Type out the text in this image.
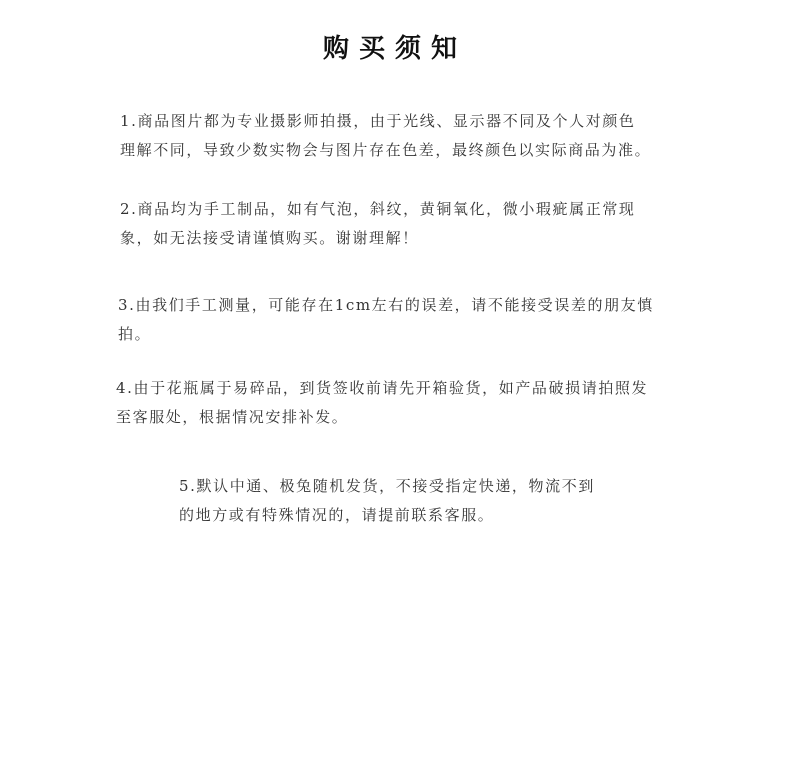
购买须知
1.商品图片都为专业摄影师拍摄，由于光线、显示器不同及个人对颜色
理解不同，导致少数实物会与图片存在色差，最终颜色以实际商品为准。
2.商品均为手工制品，如有气泡，斜纹，黄铜氧化，微小瑕疵属正常现
象，如无法接受请谨慎购买。谢谢理解！
3.由我们手工测量，可能存在1cm左右的误差，请不能接受误差的朋友慎
拍。
4.由于花瓶属于易碎品，到货签收前请先开箱验货，如产品破损请拍照发
至客服处，根据情况安排补发。
5.默认中通、极兔随机发货，不接受指定快递，物流不到
的地方或有特殊情况的，请提前联系客服。
